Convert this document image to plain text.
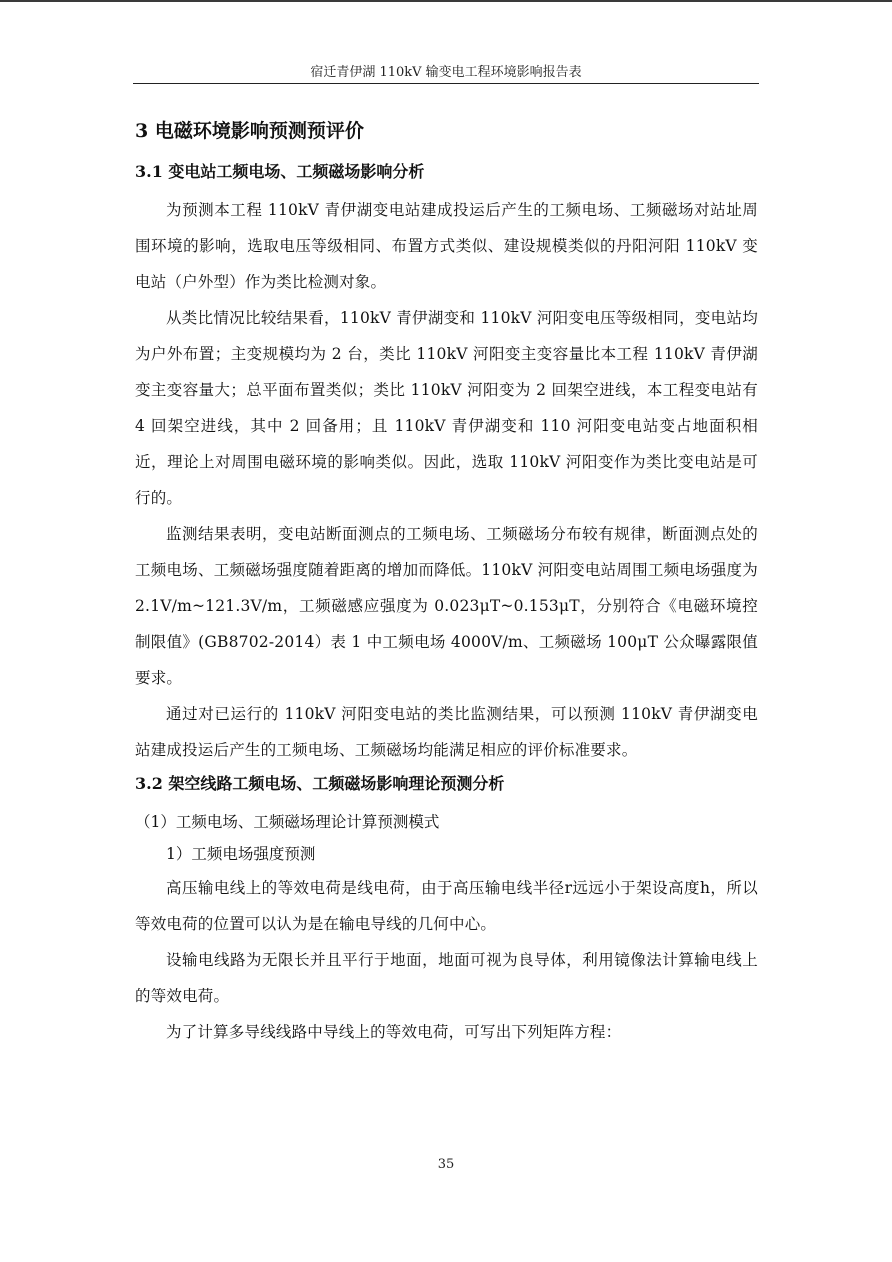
宿迁青伊湖 110kV 输变电工程环境影响报告表
3 电磁环境影响预测预评价
3.1 变电站工频电场、工频磁场影响分析

为预测本工程 110kV 青伊湖变电站建成投运后产生的工频电场、工频磁场对站址周围环境的影响，选取电压等级相同、布置方式类似、建设规模类似的丹阳河阳 110kV 变电站（户外型）作为类比检测对象。

从类比情况比较结果看，110kV 青伊湖变和 110kV 河阳变电压等级相同，变电站均为户外布置；主变规模均为 2 台，类比 110kV 河阳变主变容量比本工程 110kV 青伊湖变主变容量大；总平面布置类似；类比 110kV 河阳变为 2 回架空进线，本工程变电站有 4 回架空进线，其中 2 回备用；且 110kV 青伊湖变和 110 河阳变电站变占地面积相近，理论上对周围电磁环境的影响类似。因此，选取 110kV 河阳变作为类比变电站是可行的。

监测结果表明，变电站断面测点的工频电场、工频磁场分布较有规律，断面测点处的工频电场、工频磁场强度随着距离的增加而降低。110kV 河阳变电站周围工频电场强度为 2.1V/m~121.3V/m，工频磁感应强度为 0.023μT~0.153μT，分别符合《电磁环境控制限值》(GB8702-2014）表 1 中工频电场 4000V/m、工频磁场 100μT 公众曝露限值要求。

通过对已运行的 110kV 河阳变电站的类比监测结果，可以预测 110kV 青伊湖变电站建成投运后产生的工频电场、工频磁场均能满足相应的评价标准要求。

3.2 架空线路工频电场、工频磁场影响理论预测分析
（1）工频电场、工频磁场理论计算预测模式
1）工频电场强度预测

高压输电线上的等效电荷是线电荷，由于高压输电线半径r远远小于架设高度h，所以等效电荷的位置可以认为是在输电导线的几何中心。

设输电线路为无限长并且平行于地面，地面可视为良导体，利用镜像法计算输电线上的等效电荷。

为了计算多导线线路中导线上的等效电荷，可写出下列矩阵方程：

35
